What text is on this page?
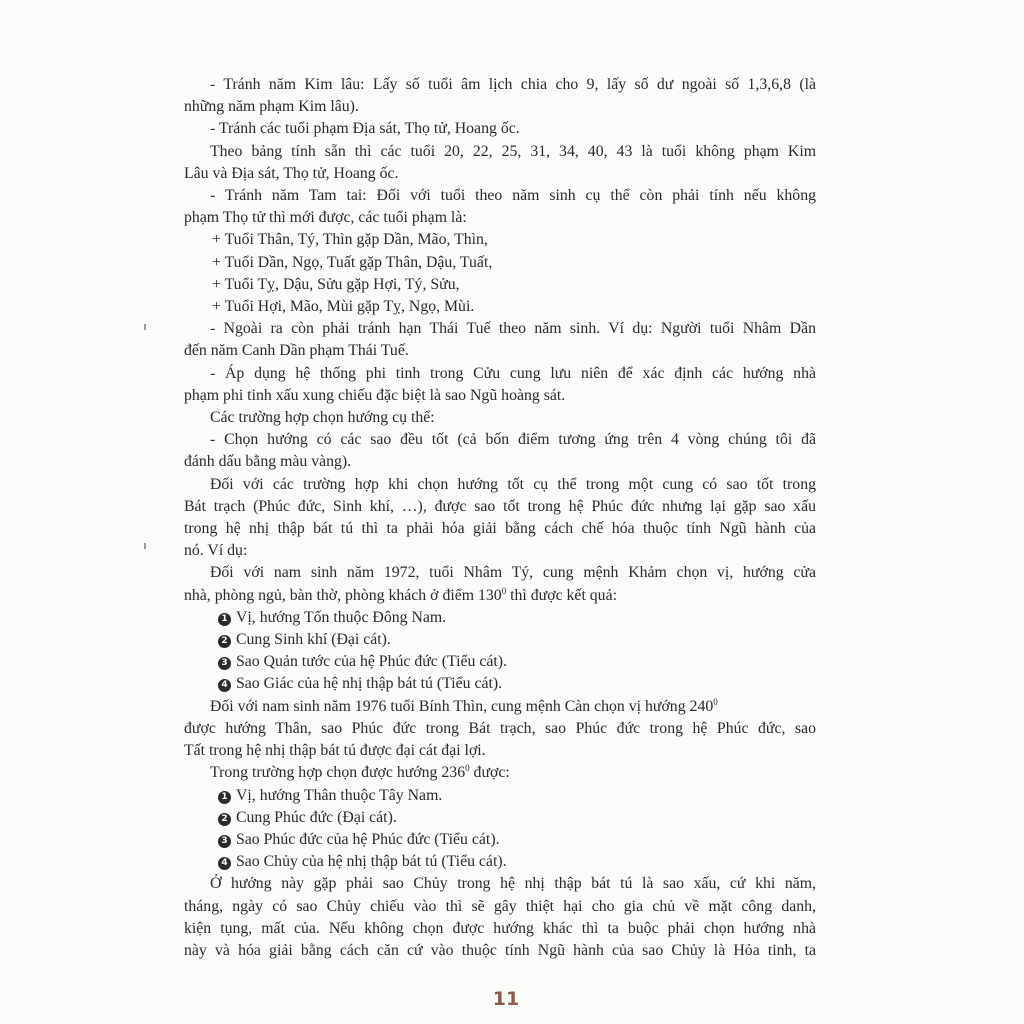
- Tránh năm Kim lâu: Lấy số tuổi âm lịch chia cho 9, lấy số dư ngoài số 1,3,6,8 (là
những năm phạm Kim lâu).
- Tránh các tuổi phạm Địa sát, Thọ tử, Hoang ốc.
Theo bảng tính sẵn thì các tuổi 20, 22, 25, 31, 34, 40, 43 là tuổi không phạm Kim
Lâu và Địa sát, Thọ tử, Hoang ốc.
- Tránh năm Tam tai: Đối với tuổi theo năm sinh cụ thể còn phải tính nếu không
phạm Thọ tử thì mới được, các tuổi phạm là:
+ Tuổi Thân, Tý, Thìn gặp Dần, Mão, Thìn,
+ Tuổi Dần, Ngọ, Tuất gặp Thân, Dậu, Tuất,
+ Tuổi Tỵ, Dậu, Sửu gặp Hợi, Tý, Sửu,
+ Tuổi Hợi, Mão, Mùi gặp Tỵ, Ngọ, Mùi.
- Ngoài ra còn phải tránh hạn Thái Tuế theo năm sinh. Ví dụ: Người tuổi Nhâm Dần
đến năm Canh Dần phạm Thái Tuế.
- Áp dụng hệ thống phi tinh trong Cửu cung lưu niên để xác định các hướng nhà
phạm phi tinh xấu xung chiếu đặc biệt là sao Ngũ hoàng sát.
Các trường hợp chọn hướng cụ thể:
- Chọn hướng có các sao đều tốt (cả bốn điểm tương ứng trên 4 vòng chúng tôi đã
đánh dấu bằng màu vàng).
Đối với các trường hợp khi chọn hướng tốt cụ thể trong một cung có sao tốt trong
Bát trạch (Phúc đức, Sinh khí, …), được sao tốt trong hệ Phúc đức nhưng lại gặp sao xấu
trong hệ nhị thập bát tú thì ta phải hóa giải bằng cách chế hóa thuộc tính Ngũ hành của
nó. Ví dụ:
Đối với nam sinh năm 1972, tuổi Nhâm Tý, cung mệnh Khảm chọn vị, hướng cửa
nhà, phòng ngủ, bàn thờ, phòng khách ở điểm $130^0$ thì được kết quả:
1 Vị, hướng Tốn thuộc Đông Nam.
2 Cung Sinh khí (Đại cát).
3 Sao Quản tước của hệ Phúc đức (Tiểu cát).
4 Sao Giác của hệ nhị thập bát tú (Tiểu cát).
Đối với nam sinh năm 1976 tuổi Bính Thìn, cung mệnh Càn chọn vị hướng $240^0$
được hướng Thân, sao Phúc đức trong Bát trạch, sao Phúc đức trong hệ Phúc đức, sao
Tất trong hệ nhị thập bát tú được đại cát đại lợi.
Trong trường hợp chọn được hướng $236^0$ được:
1 Vị, hướng Thân thuộc Tây Nam.
2 Cung Phúc đức (Đại cát).
3 Sao Phúc đức của hệ Phúc đức (Tiểu cát).
4 Sao Chủy của hệ nhị thập bát tú (Tiểu cát).
Ở hướng này gặp phải sao Chủy trong hệ nhị thập bát tú là sao xấu, cứ khi năm,
tháng, ngày có sao Chủy chiếu vào thì sẽ gây thiệt hại cho gia chủ về mặt công danh,
kiện tụng, mất của. Nếu không chọn được hướng khác thì ta buộc phải chọn hướng nhà
này và hóa giải bằng cách căn cứ vào thuộc tính Ngũ hành của sao Chủy là Hỏa tinh, ta
11
